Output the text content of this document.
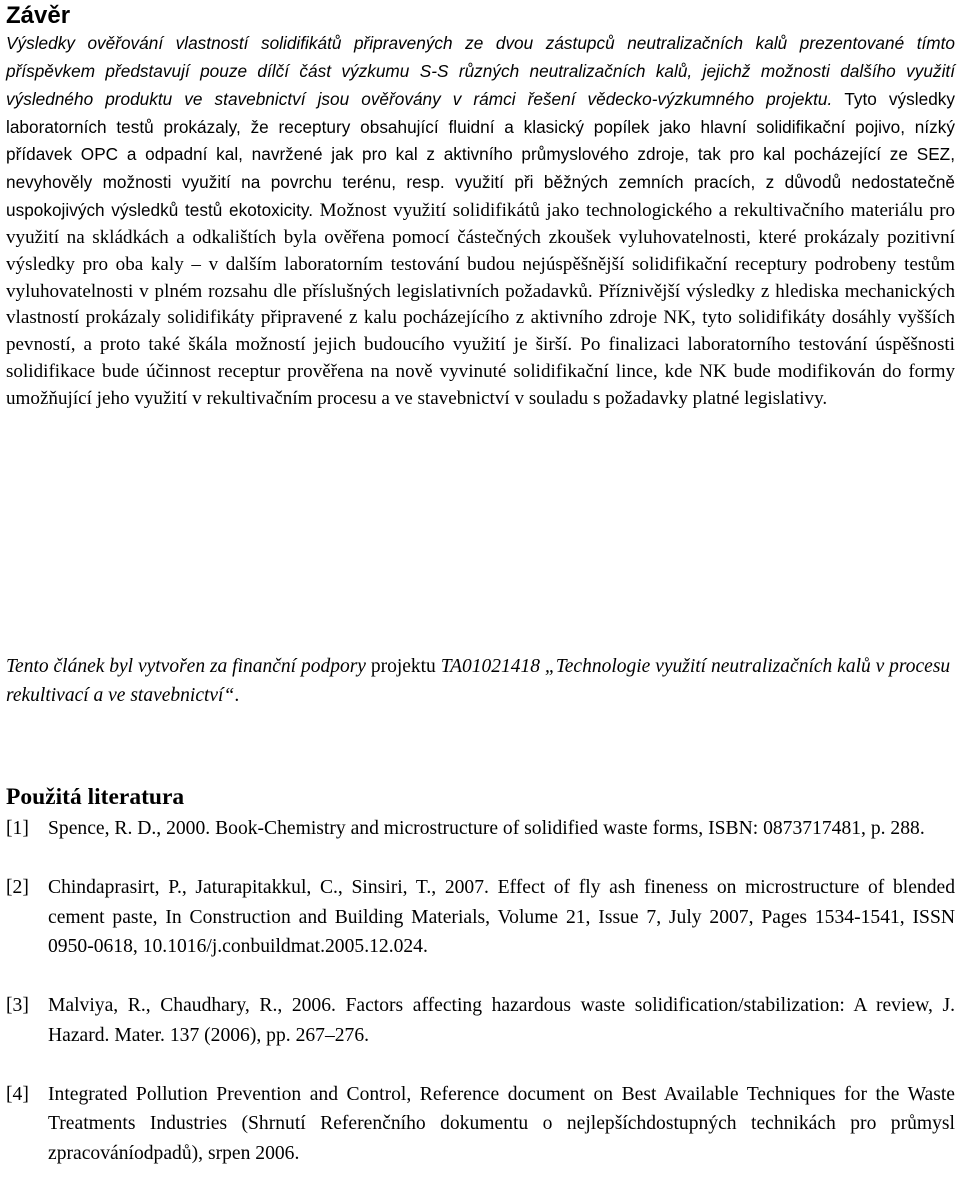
Závěr

Výsledky ověřování vlastností solidifikátů připravených ze dvou zástupců neutralizačních kalů prezentované tímto příspěvkem představují pouze dílčí část výzkumu S-S různých neutralizačních kalů, jejichž možnosti dalšího využití výsledného produktu ve stavebnictví jsou ověřovány v rámci řešení vědecko-výzkumného projektu. Tyto výsledky laboratorních testů prokázaly, že receptury obsahující fluidní a klasický popílek jako hlavní solidifikační pojivo, nízký přídavek OPC a odpadní kal, navržené jak pro kal z aktivního průmyslového zdroje, tak pro kal pocházející ze SEZ, nevyhověly možnosti využití na povrchu terénu, resp. využití při běžných zemních pracích, z důvodů nedostatečně uspokojivých výsledků testů ekotoxicity. Možnost využití solidifikátů jako technologického a rekultivačního materiálu pro využití na skládkách a odkalištích byla ověřena pomocí částečných zkoušek vyluhovatelnosti, které prokázaly pozitivní výsledky pro oba kaly – v dalším laboratorním testování budou nejúspěšnější solidifikační receptury podrobeny testům vyluhovatelnosti v plném rozsahu dle příslušných legislativních požadavků. Příznivější výsledky z hlediska mechanických vlastností prokázaly solidifikáty připravené z kalu pocházejícího z aktivního zdroje NK, tyto solidifikáty dosáhly vyšších pevností, a proto také škála možností jejich budoucího využití je širší. Po finalizaci laboratorního testování úspěšnosti solidifikace bude účinnost receptur prověřena na nově vyvinuté solidifikační lince, kde NK bude modifikován do formy umožňující jeho využití v rekultivačním procesu a ve stavebnictví v souladu s požadavky platné legislativy.

Tento článek byl vytvořen za finanční podpory projektu TA01021418 „Technologie využití neutralizačních kalů v procesu rekultivací a ve stavebnictví“.

Použitá literatura
[1] Spence, R. D., 2000. Book-Chemistry and microstructure of solidified waste forms, ISBN: 0873717481, p. 288.
[2] Chindaprasirt, P., Jaturapitakkul, C., Sinsiri, T., 2007. Effect of fly ash fineness on microstructure of blended cement paste, In Construction and Building Materials, Volume 21, Issue 7, July 2007, Pages 1534-1541, ISSN 0950-0618, 10.1016/j.conbuildmat.2005.12.024.
[3] Malviya, R., Chaudhary, R., 2006. Factors affecting hazardous waste solidification/stabilization: A review, J. Hazard. Mater. 137 (2006), pp. 267–276.
[4] Integrated Pollution Prevention and Control, Reference document on Best Available Techniques for the Waste Treatments Industries (Shrnutí Referenčního dokumentu o nejlepšíchdostupných technikách pro průmysl zpracováníodpadů), srpen 2006.
